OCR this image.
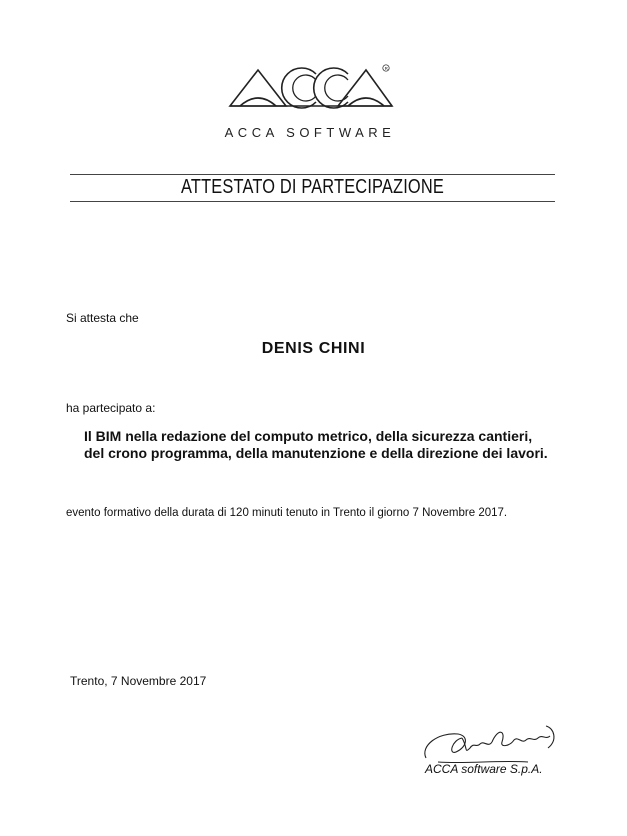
R
ACCA SOFTWARE
ATTESTATO DI PARTECIPAZIONE
Si attesta che
DENIS CHINI
ha partecipato a:
Il BIM nella redazione del computo metrico, della sicurezza cantieri, del crono programma, della manutenzione e della direzione dei lavori.
evento formativo della durata di 120 minuti tenuto in Trento il giorno 7 Novembre 2017.
Trento, 7 Novembre 2017
ACCA software S.p.A.
